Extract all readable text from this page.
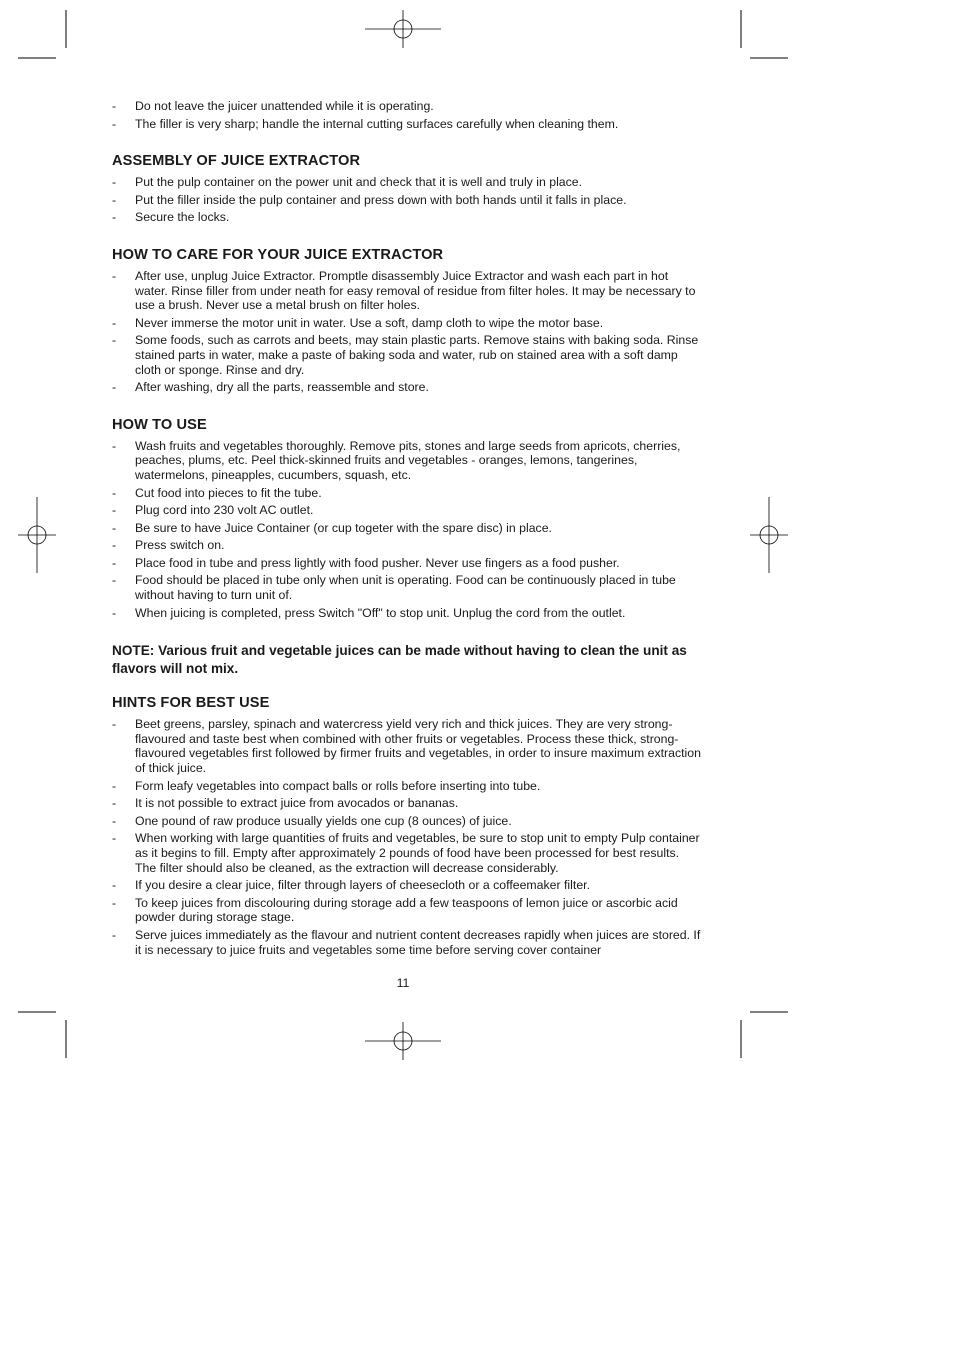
- Do not leave the juicer unattended while it is operating.
- The filler is very sharp; handle the internal cutting surfaces carefully when cleaning them.
ASSEMBLY OF JUICE EXTRACTOR
- Put the pulp container on the power unit and check that it is well and truly in place.
- Put the filler inside the pulp container and press down with both hands until it falls in place.
- Secure the locks.
HOW TO CARE FOR YOUR JUICE EXTRACTOR
- After use, unplug Juice Extractor. Promptle disassembly Juice Extractor and wash each part in hot water. Rinse filler from under neath for easy removal of residue from filter holes. It may be necessary to use a brush. Never use a metal brush on filter holes.
- Never immerse the motor unit in water. Use a soft, damp cloth to wipe the motor base.
- Some foods, such as carrots and beets, may stain plastic parts. Remove stains with baking soda. Rinse stained parts in water, make a paste of baking soda and water, rub on stained area with a soft damp cloth or sponge. Rinse and dry.
- After washing, dry all the parts, reassemble and store.
HOW TO USE
- Wash fruits and vegetables thoroughly. Remove pits, stones and large seeds from apricots, cherries, peaches, plums, etc. Peel thick-skinned fruits and vegetables - oranges, lemons, tangerines, watermelons, pineapples, cucumbers, squash, etc.
- Cut food into pieces to fit the tube.
- Plug cord into 230 volt AC outlet.
- Be sure to have Juice Container (or cup togeter with the spare disc) in place.
- Press switch on.
- Place food in tube and press lightly with food pusher. Never use fingers as a food pusher.
- Food should be placed in tube only when unit is operating. Food can be continuously placed in tube without having to turn unit of.
- When juicing is completed, press Switch "Off" to stop unit. Unplug the cord from the outlet.

NOTE: Various fruit and vegetable juices can be made without having to clean the unit as flavors will not mix.

HINTS FOR BEST USE
- Beet greens, parsley, spinach and watercress yield very rich and thick juices. They are very strong-flavoured and taste best when combined with other fruits or vegetables. Process these thick, strong-flavoured vegetables first followed by firmer fruits and vegetables, in order to insure maximum extraction of thick juice.
- Form leafy vegetables into compact balls or rolls before inserting into tube.
- It is not possible to extract juice from avocados or bananas.
- One pound of raw produce usually yields one cup (8 ounces) of juice.
- When working with large quantities of fruits and vegetables, be sure to stop unit to empty Pulp container as it begins to fill. Empty after approximately 2 pounds of food have been processed for best results. The filter should also be cleaned, as the extraction will decrease considerably.
- If you desire a clear juice, filter through layers of cheesecloth or a coffeemaker filter.
- To keep juices from discolouring during storage add a few teaspoons of lemon juice or ascorbic acid powder during storage stage.
- Serve juices immediately as the flavour and nutrient content decreases rapidly when juices are stored. If it is necessary to juice fruits and vegetables some time before serving cover container
11
